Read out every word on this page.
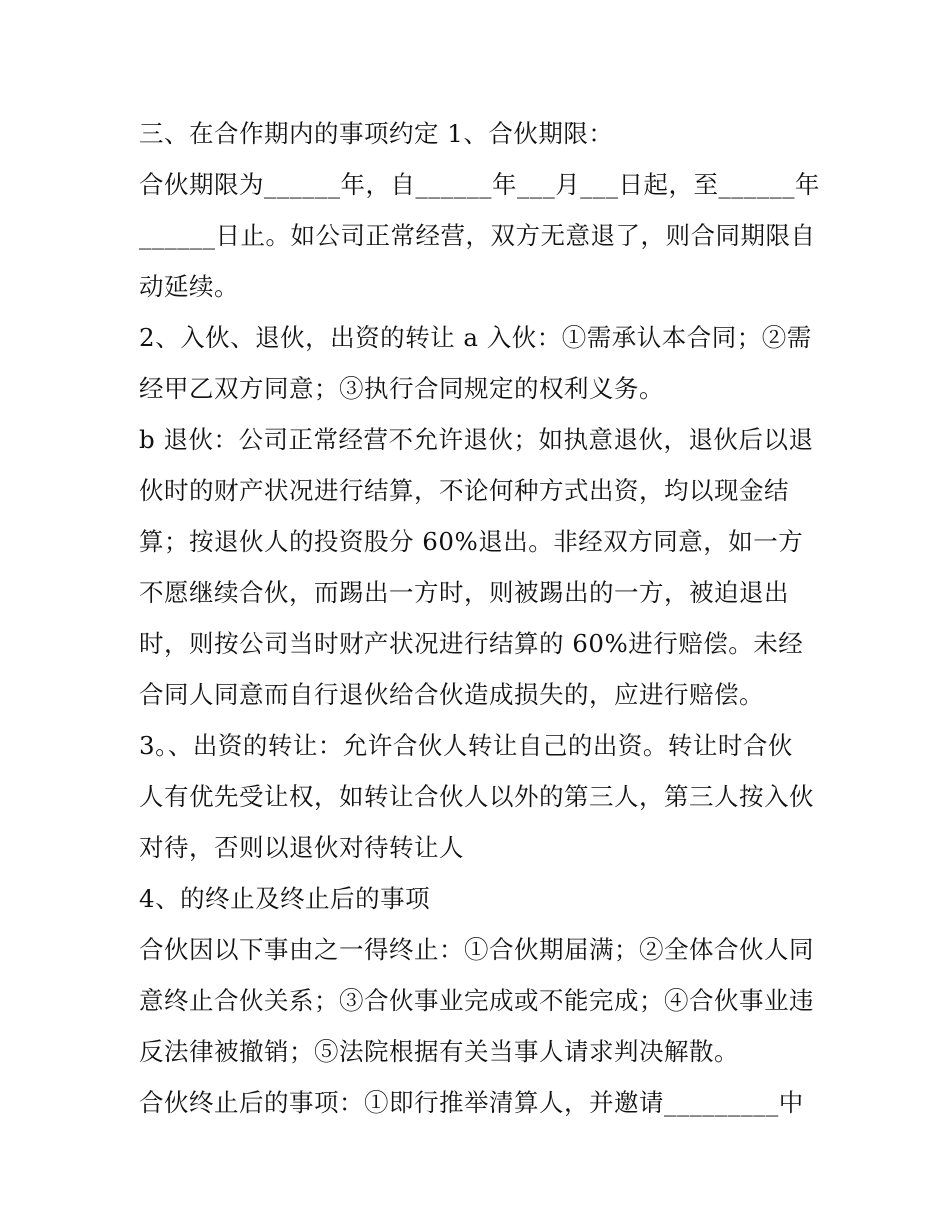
三、在合作期内的事项约定 1、合伙期限：

合伙期限为______年，自______年___月___日起，至______年

______日止。如公司正常经营，双方无意退了，则合同期限自

动延续。

2、入伙、退伙，出资的转让 a 入伙：①需承认本合同；②需

经甲乙双方同意；③执行合同规定的权利义务。

b 退伙：公司正常经营不允许退伙；如执意退伙，退伙后以退

伙时的财产状况进行结算，不论何种方式出资，均以现金结

算；按退伙人的投资股分 60%退出。非经双方同意，如一方

不愿继续合伙，而踢出一方时，则被踢出的一方，被迫退出

时，则按公司当时财产状况进行结算的 60%进行赔偿。未经

合同人同意而自行退伙给合伙造成损失的，应进行赔偿。

3。、出资的转让：允许合伙人转让自己的出资。转让时合伙

人有优先受让权，如转让合伙人以外的第三人，第三人按入伙

对待，否则以退伙对待转让人

4、的终止及终止后的事项

合伙因以下事由之一得终止：①合伙期届满；②全体合伙人同

意终止合伙关系；③合伙事业完成或不能完成；④合伙事业违

反法律被撤销；⑤法院根据有关当事人请求判决解散。

合伙终止后的事项：①即行推举清算人，并邀请_________中
